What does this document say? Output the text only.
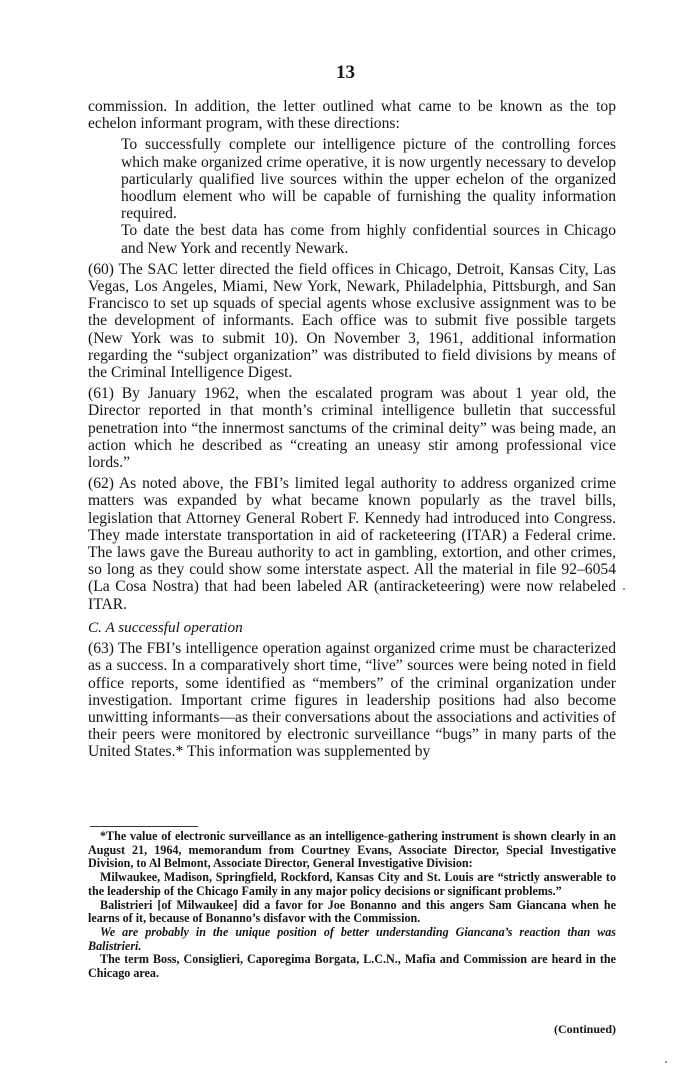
13

commission. In addition, the letter outlined what came to be known as the top echelon informant program, with these directions:

To successfully complete our intelligence picture of the controlling forces which make organized crime operative, it is now urgently necessary to develop particularly qualified live sources within the upper echelon of the organized hoodlum element who will be capable of furnishing the quality information required.

To date the best data has come from highly confidential sources in Chicago and New York and recently Newark.

(60) The SAC letter directed the field offices in Chicago, Detroit, Kansas City, Las Vegas, Los Angeles, Miami, New York, Newark, Philadelphia, Pittsburgh, and San Francisco to set up squads of special agents whose exclusive assignment was to be the development of informants. Each office was to submit five possible targets (New York was to submit 10). On November 3, 1961, additional information regarding the “subject organization” was distributed to field divisions by means of the Criminal Intelligence Digest.

(61) By January 1962, when the escalated program was about 1 year old, the Director reported in that month’s criminal intelligence bulletin that successful penetration into “the innermost sanctums of the criminal deity” was being made, an action which he described as “creating an uneasy stir among professional vice lords.”

(62) As noted above, the FBI’s limited legal authority to address organized crime matters was expanded by what became known popularly as the travel bills, legislation that Attorney General Robert F. Kennedy had introduced into Congress. They made interstate transportation in aid of racketeering (ITAR) a Federal crime. The laws gave the Bureau authority to act in gambling, extortion, and other crimes, so long as they could show some interstate aspect. All the material in file 92–6054 (La Cosa Nostra) that had been labeled AR (antiracketeering) were now relabeled ITAR.

C. A successful operation

(63) The FBI’s intelligence operation against organized crime must be characterized as a success. In a comparatively short time, “live” sources were being noted in field office reports, some identified as “members” of the criminal organization under investigation. Important crime figures in leadership positions had also become unwitting informants—as their conversations about the associations and activities of their peers were monitored by electronic surveillance “bugs” in many parts of the United States.* This information was supplemented by

*The value of electronic surveillance as an intelligence-gathering instrument is shown clearly in an August 21, 1964, memorandum from Courtney Evans, Associate Director, Special Investigative Division, to Al Belmont, Associate Director, General Investigative Division:

Milwaukee, Madison, Springfield, Rockford, Kansas City and St. Louis are “strictly answerable to the leadership of the Chicago Family in any major policy decisions or significant problems.”

Balistrieri [of Milwaukee] did a favor for Joe Bonanno and this angers Sam Giancana when he learns of it, because of Bonanno’s disfavor with the Commission.

We are probably in the unique position of better understanding Giancana’s reaction than was Balistrieri.

The term Boss, Consiglieri, Caporegima Borgata, L.C.N., Mafia and Commission are heard in the Chicago area.

(Continued)
